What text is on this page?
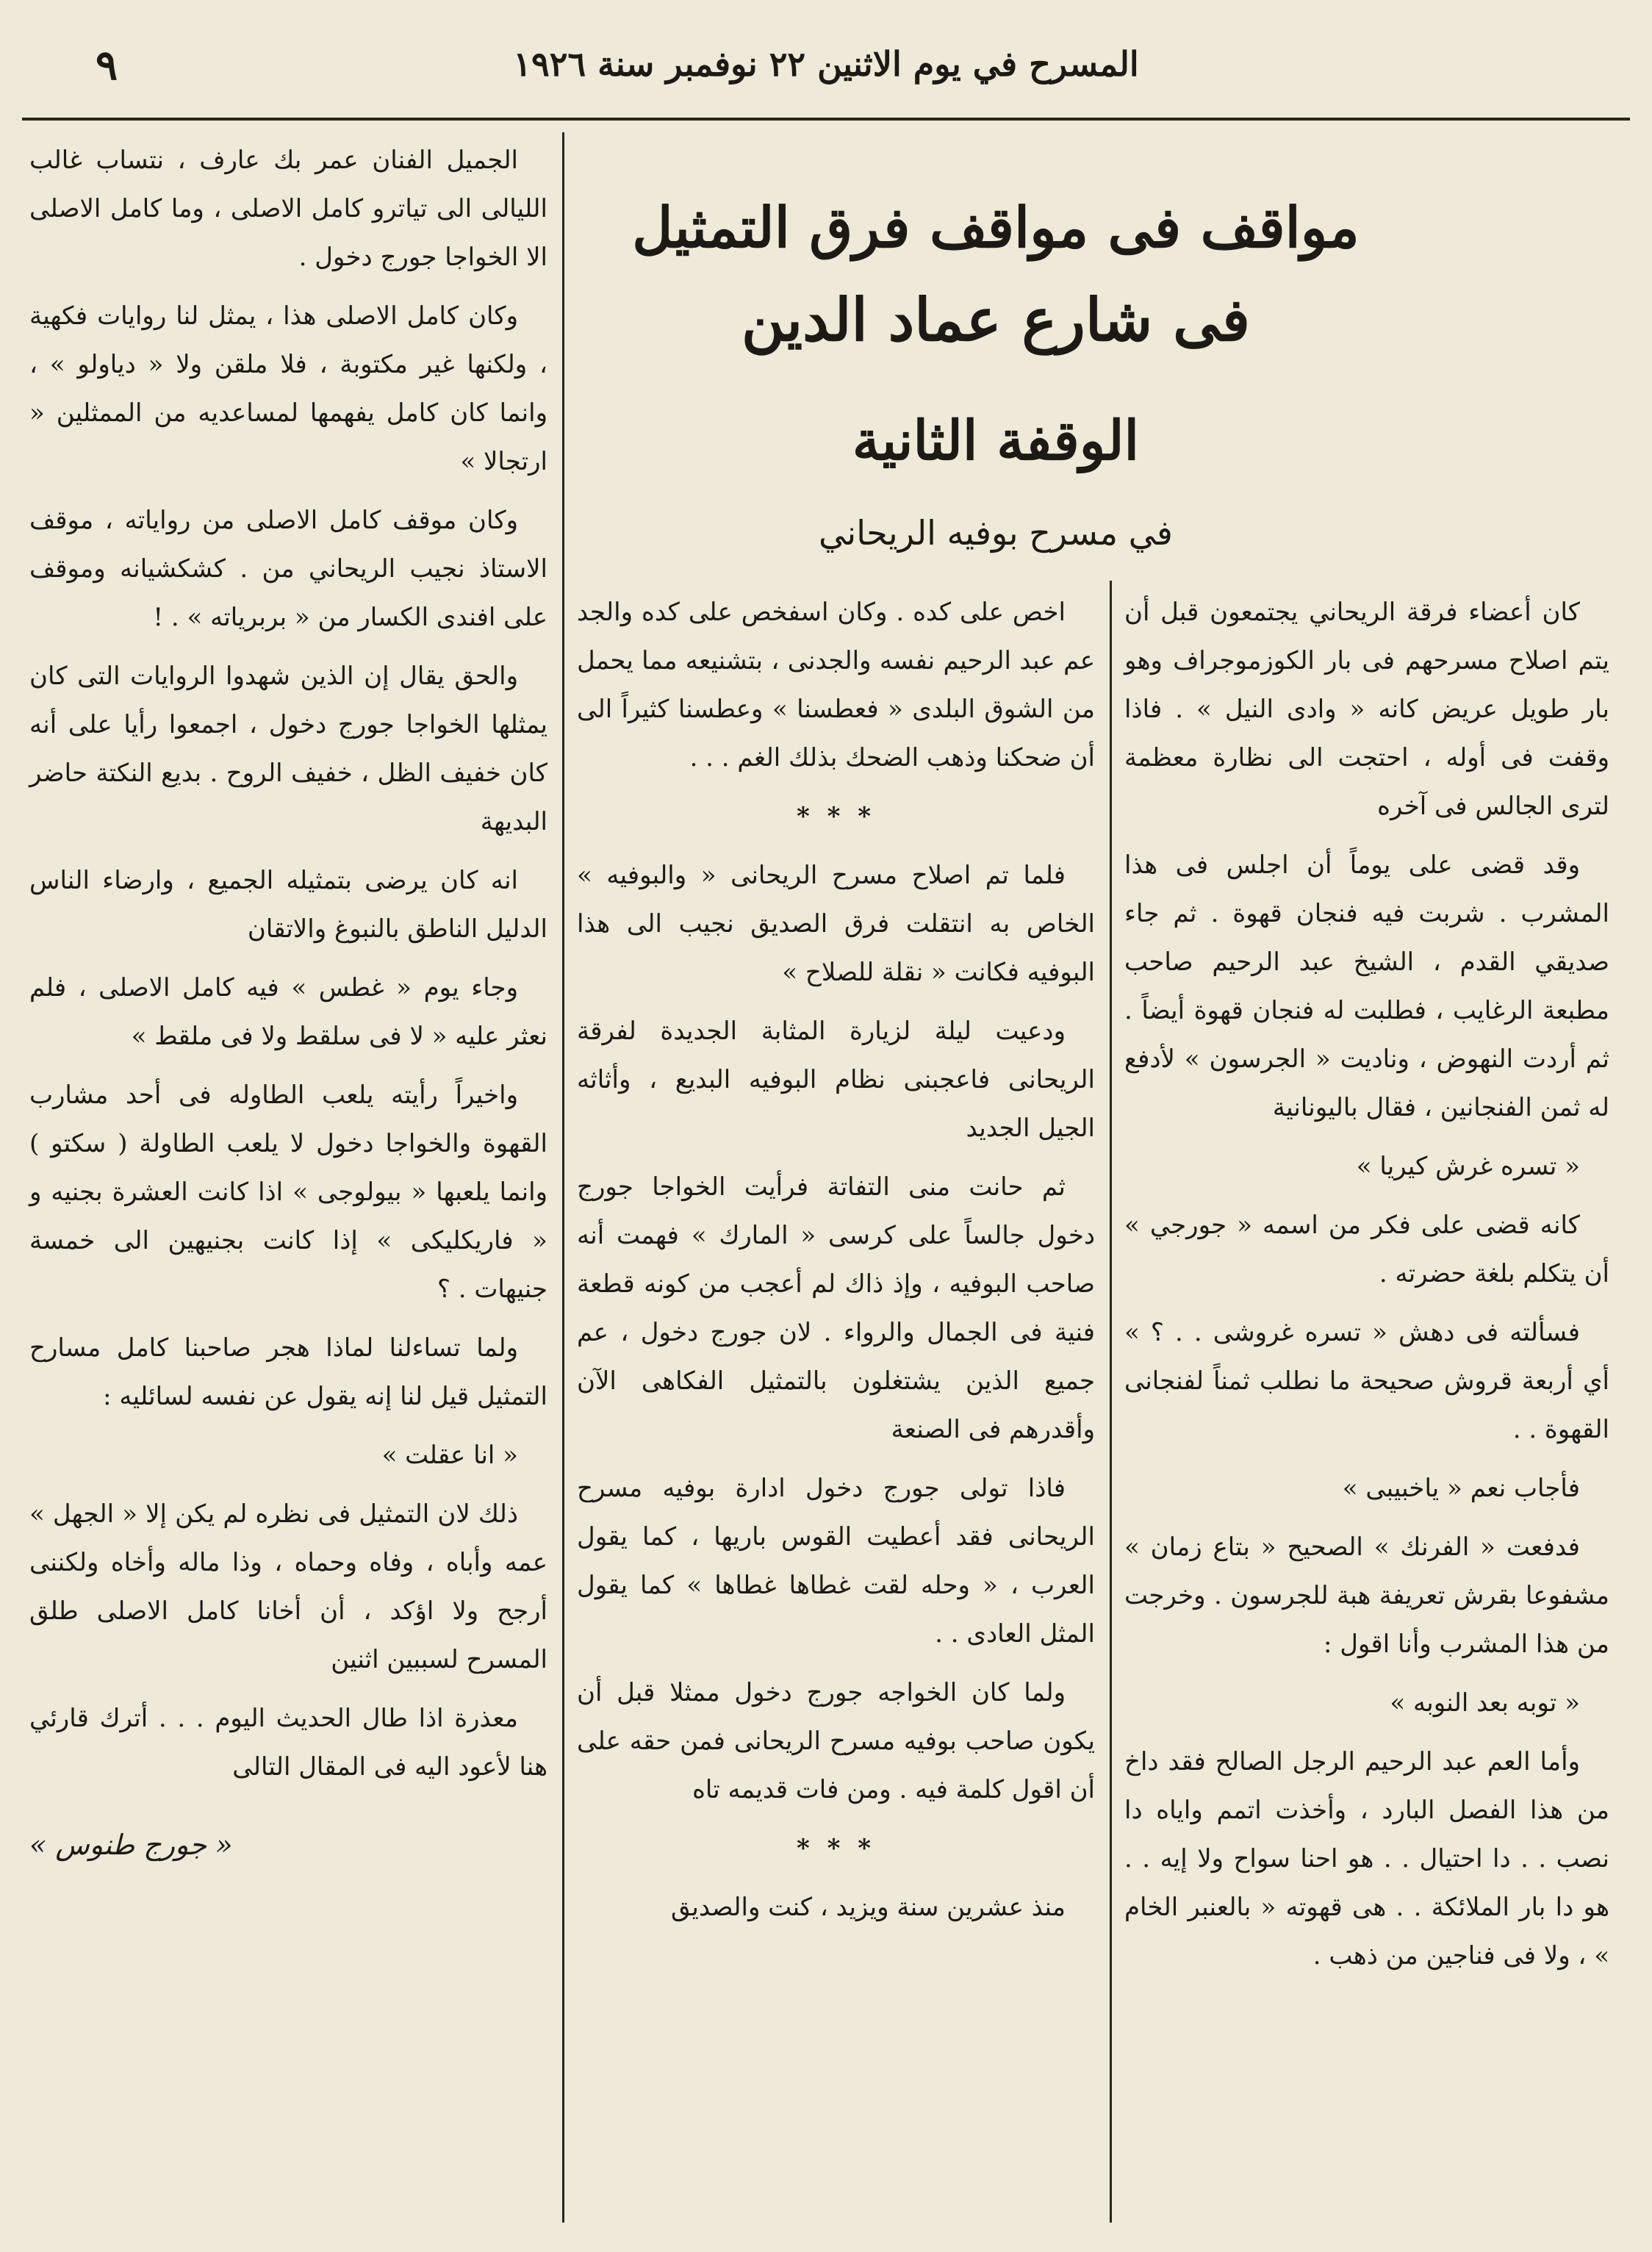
٩	المسرح في يوم الاثنين ٢٢ نوفمبر سنة ١٩٢٦

مواقف فى مواقف فرق التمثيل

فى شارع عماد الدين

الوقفة الثانية

في مسرح بوفيه الريحاني

كان أعضاء فرقة الريحاني يجتمعون قبل أن يتم اصلاح مسرحهم فى بار الكوزموجراف وهو بار طويل عريض كانه « وادى النيل » . فاذا وقفت فى أوله ، احتجت الى نظارة معظمة لترى الجالس فى آخره

وقد قضى على يوماً أن اجلس فى هذا المشرب . شربت فيه فنجان قهوة . ثم جاء صديقي القدم ، الشيخ عبد الرحيم صاحب مطبعة الرغايب ، فطلبت له فنجان قهوة أيضاً . ثم أردت النهوض ، وناديت « الجرسون » لأدفع له ثمن الفنجانين ، فقال باليونانية

« تسره غرش كيريا »

كانه قضى على فكر من اسمه « جورجي » أن يتكلم بلغة حضرته .

فسألته فى دهش « تسره غروشى . . ؟ » أي أربعة قروش صحيحة ما نطلب ثمناً لفنجانى القهوة . .

فأجاب نعم « ياخبيبى »

فدفعت « الفرنك » الصحيح « بتاع زمان » مشفوعا بقرش تعريفة هبة للجرسون . وخرجت من هذا المشرب وأنا اقول :

« توبه بعد النوبه »

وأما العم عبد الرحيم الرجل الصالح فقد داخ من هذا الفصل البارد ، وأخذت اتمم واياه دا نصب . . دا احتيال . . هو احنا سواح ولا إيه . . هو دا بار الملائكة . . هى قهوته « بالعنبر الخام » ، ولا فى فناجين من ذهب .

اخص على كده . وكان اسفخص على كده والجد عم عبد الرحيم نفسه والجدنى ، بتشنيعه مما يحمل من الشوق البلدى « فعطسنا » وعطسنا كثيراً الى أن ضحكنا وذهب الضحك بذلك الغم . . .

* * *

فلما تم اصلاح مسرح الريحانى « والبوفيه » الخاص به انتقلت فرق الصديق نجيب الى هذا البوفيه فكانت « نقلة للصلاح »

ودعيت ليلة لزيارة المثابة الجديدة لفرقة الريحانى فاعجبنى نظام البوفيه البديع ، وأثاثه الجيل الجديد

ثم حانت منى التفاتة فرأيت الخواجا جورج دخول جالساً على كرسى « المارك » فهمت أنه صاحب البوفيه ، وإذ ذاك لم أعجب من كونه قطعة فنية فى الجمال والرواء . لان جورج دخول ، عم جميع الذين يشتغلون بالتمثيل الفكاهى الآن وأقدرهم فى الصنعة

فاذا تولى جورج دخول ادارة بوفيه مسرح الريحانى فقد أعطيت القوس باريها ، كما يقول العرب ، « وحله لقت غطاها غطاها » كما يقول المثل العادى . .

ولما كان الخواجه جورج دخول ممثلا قبل أن يكون صاحب بوفيه مسرح الريحانى فمن حقه على أن اقول كلمة فيه . ومن فات قديمه تاه

* * *

منذ عشرين سنة ويزيد ، كنت والصديق

الجميل الفنان عمر بك عارف ، نتساب غالب الليالى الى تياترو كامل الاصلى ، وما كامل الاصلى الا الخواجا جورج دخول .

وكان كامل الاصلى هذا ، يمثل لنا روايات فكهية ، ولكنها غير مكتوبة ، فلا ملقن ولا « دياولو » ، وانما كان كامل يفهمها لمساعديه من الممثلين « ارتجالا »

وكان موقف كامل الاصلى من رواياته ، موقف الاستاذ نجيب الريحاني من . كشكشيانه وموقف على افندى الكسار من « بربرياته » . !

والحق يقال إن الذين شهدوا الروايات التى كان يمثلها الخواجا جورج دخول ، اجمعوا رأيا على أنه كان خفيف الظل ، خفيف الروح . بديع النكتة حاضر البديهة

انه كان يرضى بتمثيله الجميع ، وارضاء الناس الدليل الناطق بالنبوغ والاتقان

وجاء يوم « غطس » فيه كامل الاصلى ، فلم نعثر عليه « لا فى سلقط ولا فى ملقط »

واخيراً رأيته يلعب الطاوله فى أحد مشارب القهوة والخواجا دخول لا يلعب الطاولة ( سكتو ) وانما يلعبها « بيولوجى » اذا كانت العشرة بجنيه و « فاريكليكى » إذا كانت بجنيهين الى خمسة جنيهات . ؟

ولما تساءلنا لماذا هجر صاحبنا كامل مسارح التمثيل قيل لنا إنه يقول عن نفسه لسائليه :

« انا عقلت »

ذلك لان التمثيل فى نظره لم يكن إلا « الجهل » عمه وأباه ، وفاه وحماه ، وذا ماله وأخاه ولكننى أرجح ولا اؤكد ، أن أخانا كامل الاصلى طلق المسرح لسببين اثنين

معذرة اذا طال الحديث اليوم . . . أترك قارئي هنا لأعود اليه فى المقال التالى

« جورج طنوس »
